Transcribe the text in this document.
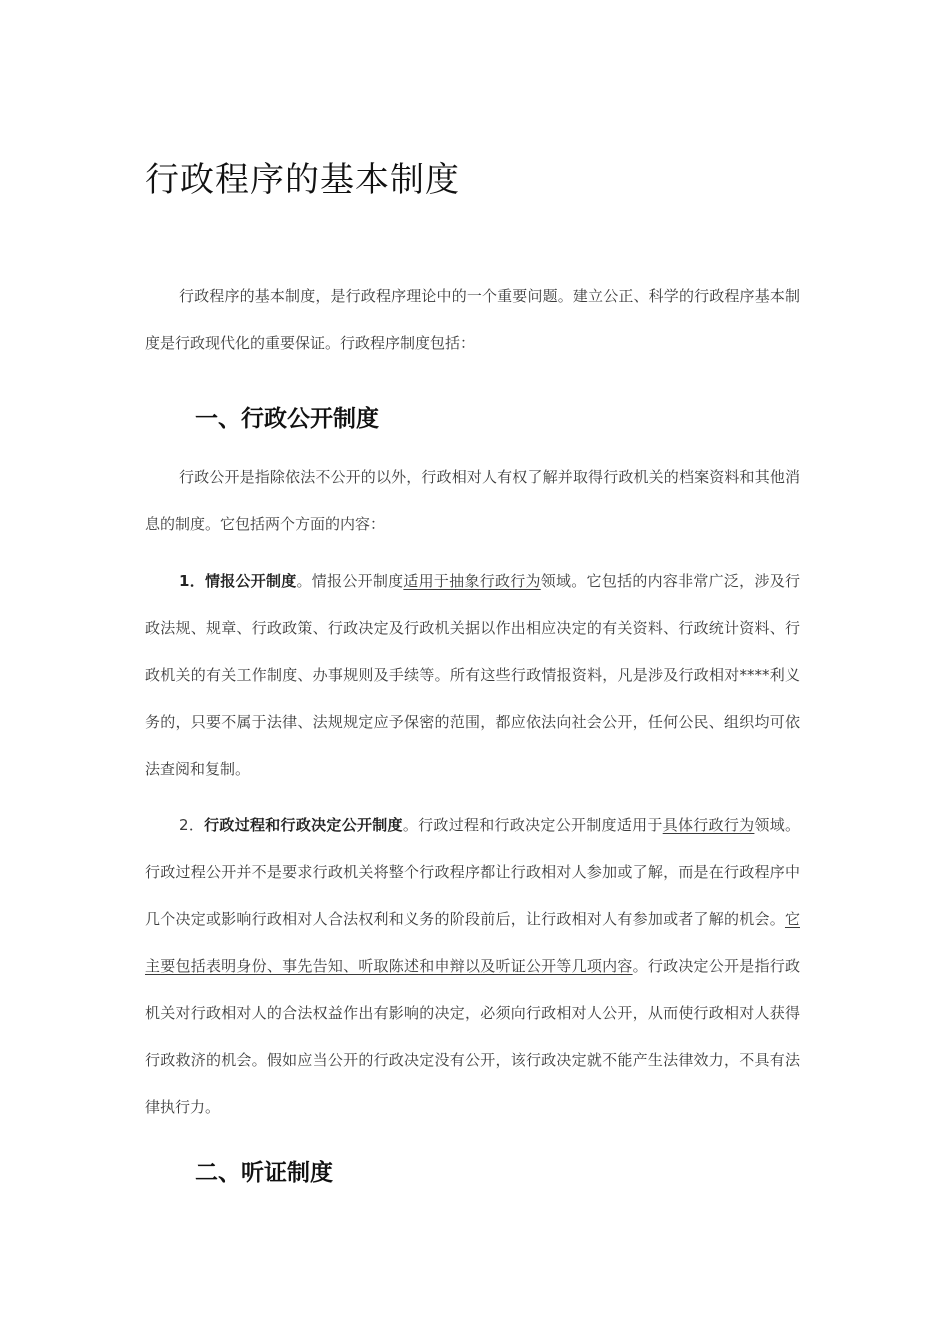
行政程序的基本制度

行政程序的基本制度，是行政程序理论中的一个重要问题。建立公正、科学的行政程序基本制度是行政现代化的重要保证。行政程序制度包括：

一、行政公开制度

行政公开是指除依法不公开的以外，行政相对人有权了解并取得行政机关的档案资料和其他消息的制度。它包括两个方面的内容：

1．情报公开制度。情报公开制度适用于抽象行政行为领域。它包括的内容非常广泛，涉及行政法规、规章、行政政策、行政决定及行政机关据以作出相应决定的有关资料、行政统计资料、行政机关的有关工作制度、办事规则及手续等。所有这些行政情报资料，凡是涉及行政相对****利义务的，只要不属于法律、法规规定应予保密的范围，都应依法向社会公开，任何公民、组织均可依法查阅和复制。

2．行政过程和行政决定公开制度。行政过程和行政决定公开制度适用于具体行政行为领域。行政过程公开并不是要求行政机关将整个行政程序都让行政相对人参加或了解，而是在行政程序中几个决定或影响行政相对人合法权利和义务的阶段前后，让行政相对人有参加或者了解的机会。它主要包括表明身份、事先告知、听取陈述和申辩以及听证公开等几项内容。行政决定公开是指行政机关对行政相对人的合法权益作出有影响的决定，必须向行政相对人公开，从而使行政相对人获得行政救济的机会。假如应当公开的行政决定没有公开，该行政决定就不能产生法律效力，不具有法律执行力。

二、听证制度
